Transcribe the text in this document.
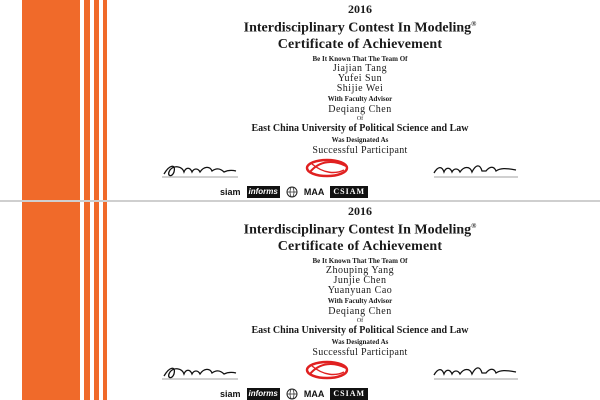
2016
Interdisciplinary Contest In Modeling®
Certificate of Achievement
Be It Known That The Team Of
Jiajian Tang
Yufei Sun
Shijie Wei
With Faculty Advisor
Deqiang Chen
Of
East China University of Political Science and Law
Was Designated As
Successful Participant
siam informs	MAA	CSIAM
2016
Interdisciplinary Contest In Modeling®
Certificate of Achievement
Be It Known That The Team Of
Zhouping Yang
Junjie Chen
Yuanyuan Cao
With Faculty Advisor
Deqiang Chen
Of
East China University of Political Science and Law
Was Designated As
Successful Participant
siam informs	MAA	CSIAM
